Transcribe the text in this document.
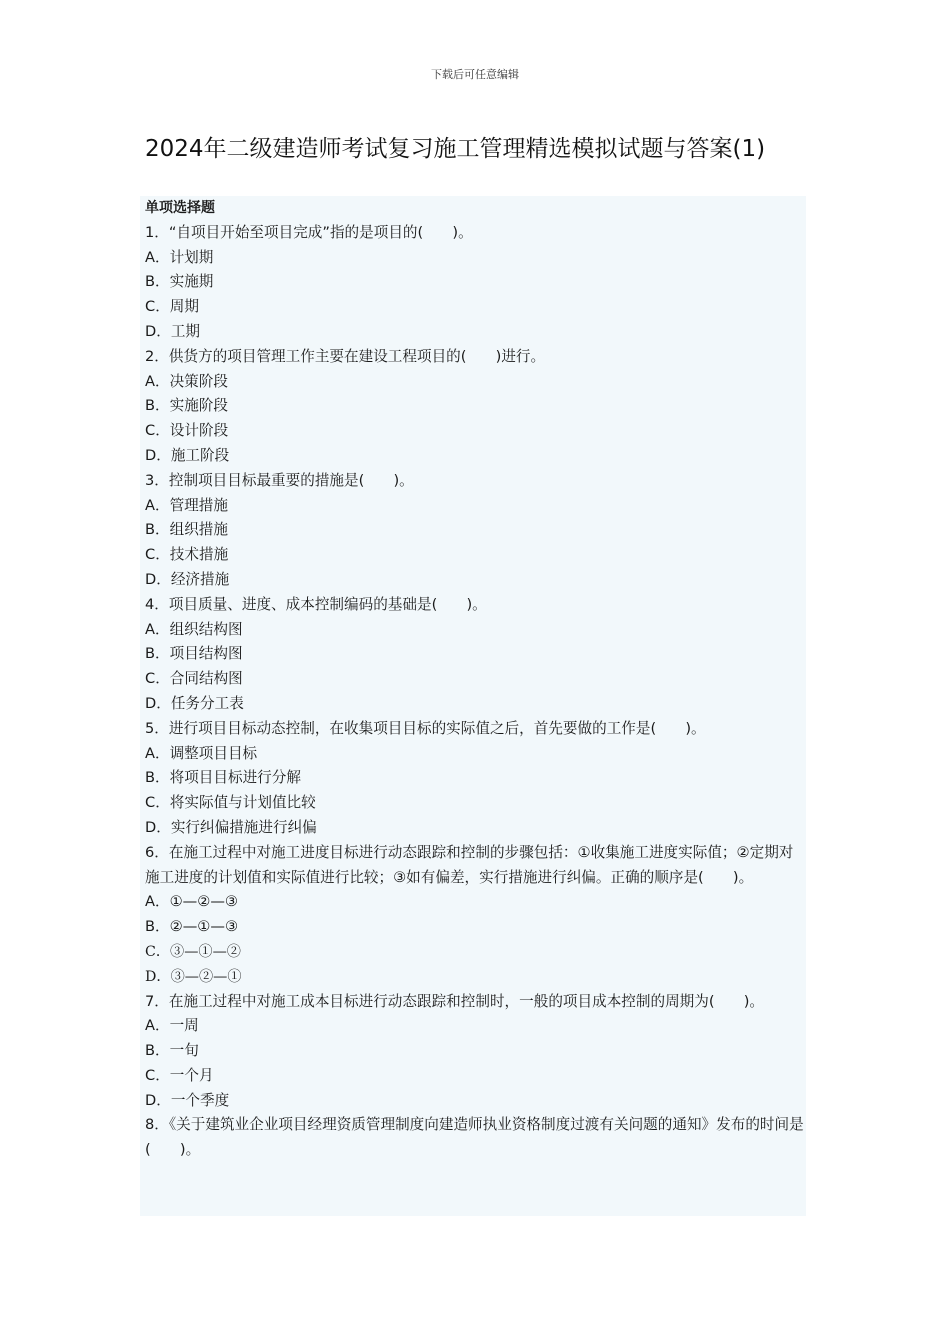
下载后可任意编辑
2024年二级建造师考试复习施工管理精选模拟试题与答案(1)

单项选择题

1．“自项目开始至项目完成”指的是项目的(　　)。

A．计划期

B．实施期

C．周期

D．工期

2．供货方的项目管理工作主要在建设工程项目的(　　)进行。

A．决策阶段

B．实施阶段

C．设计阶段

D．施工阶段

3．控制项目目标最重要的措施是(　　)。

A．管理措施

B．组织措施

C．技术措施

D．经济措施

4．项目质量、进度、成本控制编码的基础是(　　)。

A．组织结构图

B．项目结构图

C．合同结构图

D．任务分工表

5．进行项目目标动态控制，在收集项目目标的实际值之后，首先要做的工作是(　　)。

A．调整项目目标

B．将项目目标进行分解

C．将实际值与计划值比较

D．实行纠偏措施进行纠偏

6．在施工过程中对施工进度目标进行动态跟踪和控制的步骤包括：①收集施工进度实际值；②定期对施工进度的计划值和实际值进行比较；③如有偏差，实行措施进行纠偏。正确的顺序是(　　)。

A．①—②—③

B．②—①—③

C．③—①—②

D．③—②—①

7．在施工过程中对施工成本目标进行动态跟踪和控制时，一般的项目成本控制的周期为(　　)。

A．一周

B．一旬

C．一个月

D．一个季度

8．《关于建筑业企业项目经理资质管理制度向建造师执业资格制度过渡有关问题的通知》发布的时间是(　　)。
